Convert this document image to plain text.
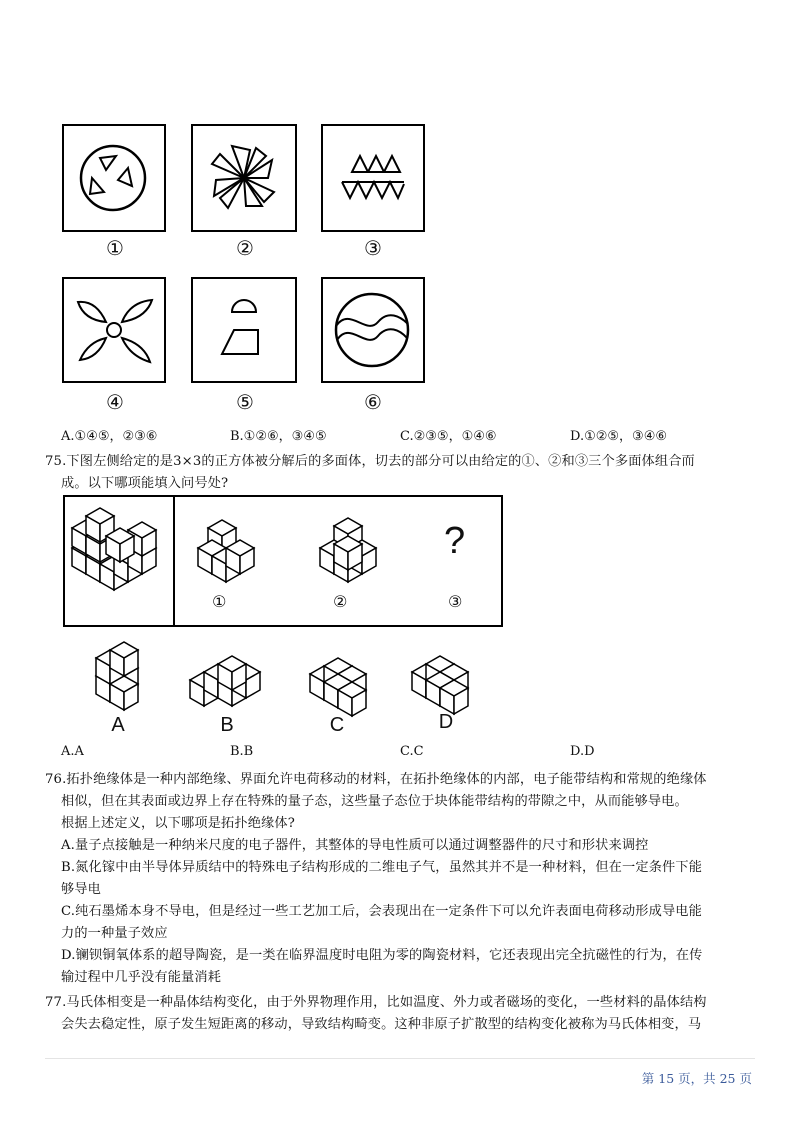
①	②	③
④	⑤	⑥
A.①④⑤，②③⑥	B.①②⑥，③④⑤	C.②③⑤，①④⑥	D.①②⑤，③④⑥
75.下图左侧给定的是3×3的正方体被分解后的多面体，切去的部分可以由给定的①、②和③三个多面体组合而
成。以下哪项能填入问号处?
①	②	③
?
A	B	C	D
A.A	B.B	C.C	D.D
76.拓扑绝缘体是一种内部绝缘、界面允许电荷移动的材料，在拓扑绝缘体的内部，电子能带结构和常规的绝缘体
相似，但在其表面或边界上存在特殊的量子态，这些量子态位于块体能带结构的带隙之中，从而能够导电。
根据上述定义，以下哪项是拓扑绝缘体?
A.量子点接触是一种纳米尺度的电子器件，其整体的导电性质可以通过调整器件的尺寸和形状来调控
B.氮化镓中由半导体异质结中的特殊电子结构形成的二维电子气，虽然其并不是一种材料，但在一定条件下能
够导电
C.纯石墨烯本身不导电，但是经过一些工艺加工后，会表现出在一定条件下可以允许表面电荷移动形成导电能
力的一种量子效应
D.镧钡铜氧体系的超导陶瓷，是一类在临界温度时电阻为零的陶瓷材料，它还表现出完全抗磁性的行为，在传
输过程中几乎没有能量消耗
77.马氏体相变是一种晶体结构变化，由于外界物理作用，比如温度、外力或者磁场的变化，一些材料的晶体结构
会失去稳定性，原子发生短距离的移动，导致结构畸变。这种非原子扩散型的结构变化被称为马氏体相变，马
第 15 页，共 25 页
